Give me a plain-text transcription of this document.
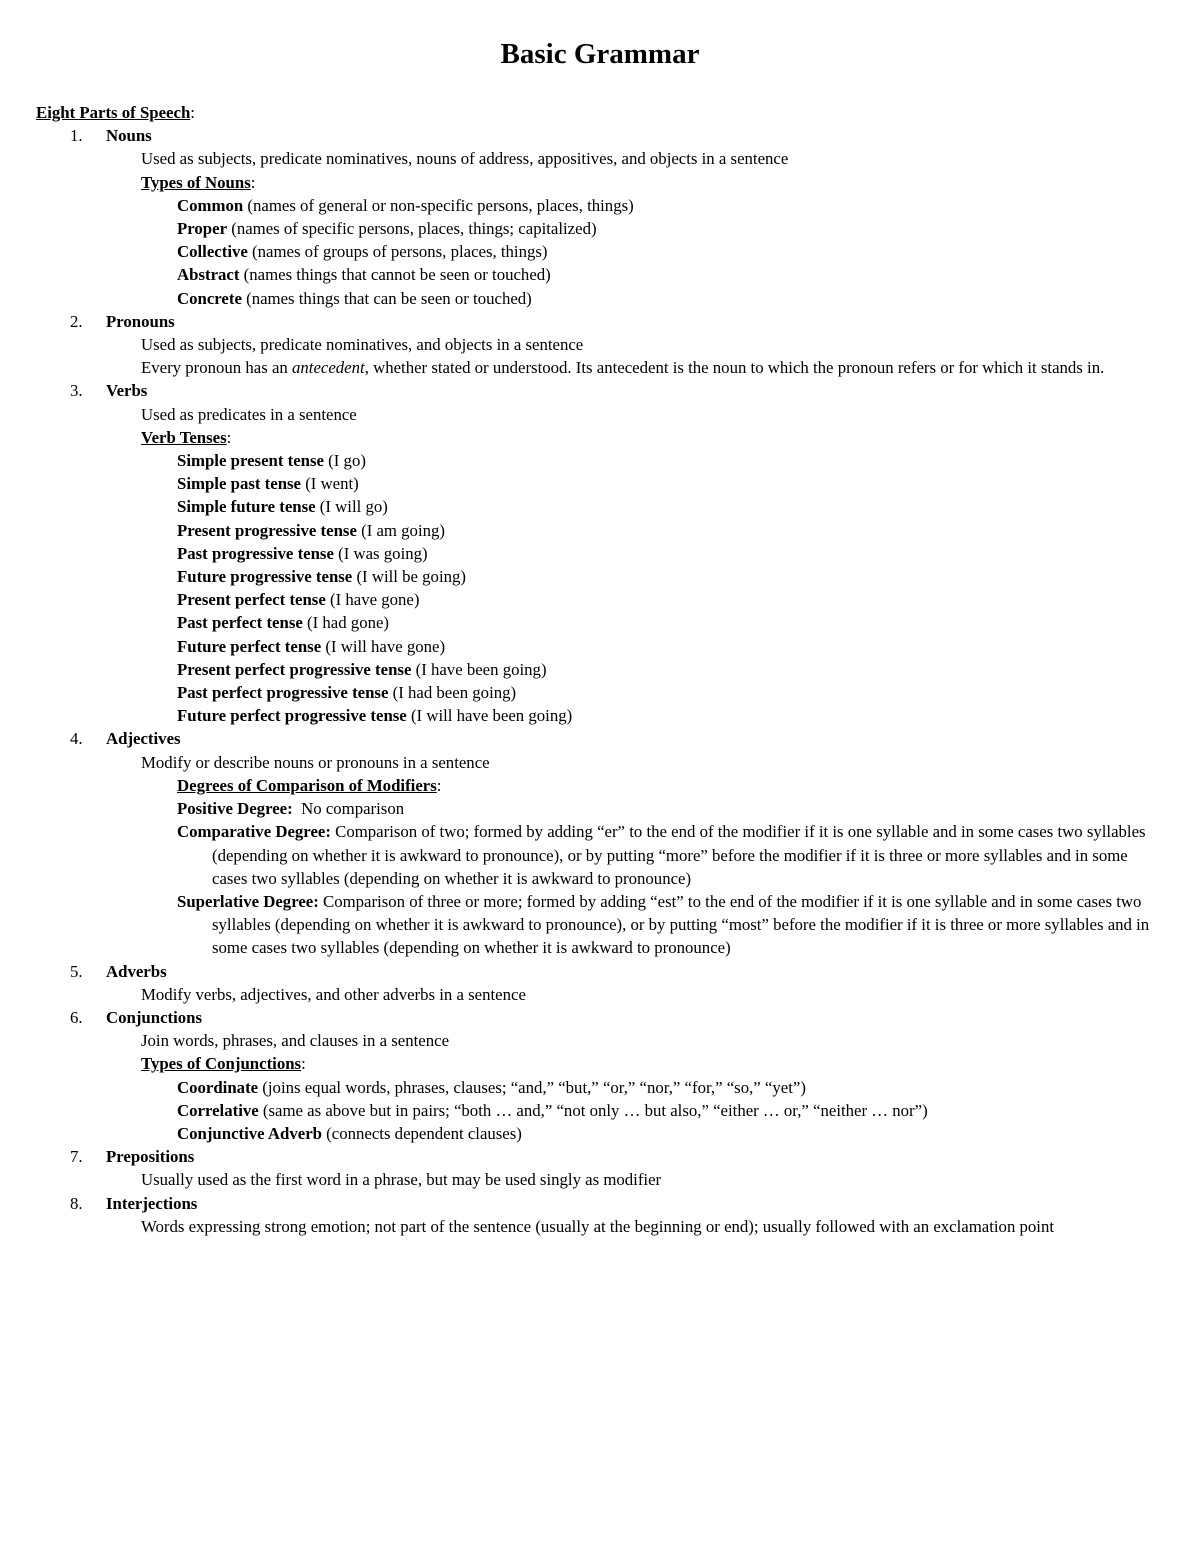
Basic Grammar
Eight Parts of Speech:
1. Nouns
Used as subjects, predicate nominatives, nouns of address, appositives, and objects in a sentence
Types of Nouns:
Common (names of general or non-specific persons, places, things)
Proper (names of specific persons, places, things; capitalized)
Collective (names of groups of persons, places, things)
Abstract (names things that cannot be seen or touched)
Concrete (names things that can be seen or touched)
2. Pronouns
Used as subjects, predicate nominatives, and objects in a sentence
Every pronoun has an antecedent, whether stated or understood. Its antecedent is the noun to which the pronoun refers or for which it stands in.
3. Verbs
Used as predicates in a sentence
Verb Tenses:
Simple present tense (I go)
Simple past tense (I went)
Simple future tense (I will go)
Present progressive tense (I am going)
Past progressive tense (I was going)
Future progressive tense (I will be going)
Present perfect tense (I have gone)
Past perfect tense (I had gone)
Future perfect tense (I will have gone)
Present perfect progressive tense (I have been going)
Past perfect progressive tense (I had been going)
Future perfect progressive tense (I will have been going)
4. Adjectives
Modify or describe nouns or pronouns in a sentence
Degrees of Comparison of Modifiers:
Positive Degree:  No comparison
Comparative Degree: Comparison of two; formed by adding “er” to the end of the modifier if it is one syllable and in some cases two syllables (depending on whether it is awkward to pronounce), or by putting “more” before the modifier if it is three or more syllables and in some cases two syllables (depending on whether it is awkward to pronounce)
Superlative Degree: Comparison of three or more; formed by adding “est” to the end of the modifier if it is one syllable and in some cases two syllables (depending on whether it is awkward to pronounce), or by putting “most” before the modifier if it is three or more syllables and in some cases two syllables (depending on whether it is awkward to pronounce)
5. Adverbs
Modify verbs, adjectives, and other adverbs in a sentence
6. Conjunctions
Join words, phrases, and clauses in a sentence
Types of Conjunctions:
Coordinate (joins equal words, phrases, clauses; “and,” “but,” “or,” “nor,” “for,” “so,” “yet”)
Correlative (same as above but in pairs; “both … and,” “not only … but also,” “either … or,” “neither … nor”)
Conjunctive Adverb (connects dependent clauses)
7. Prepositions
Usually used as the first word in a phrase, but may be used singly as modifier
8. Interjections
Words expressing strong emotion; not part of the sentence (usually at the beginning or end); usually followed with an exclamation point
